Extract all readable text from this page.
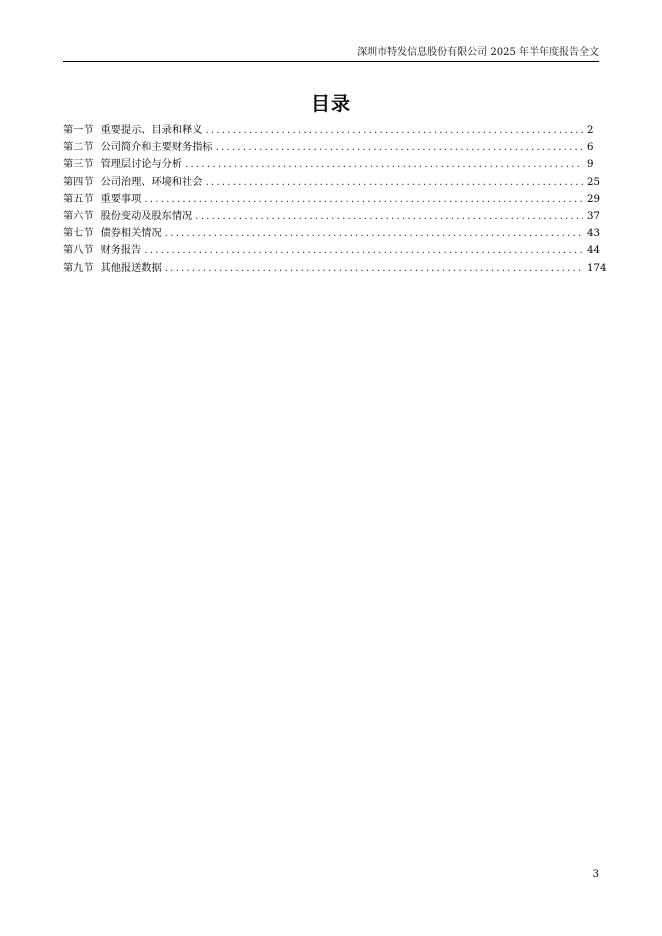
深圳市特发信息股份有限公司 2025 年半年度报告全文
目录
第一节 重要提示、目录和释义 .....	2
第二节 公司简介和主要财务指标 .....	6
第三节 管理层讨论与分析 .....	9
第四节 公司治理、环境和社会 .....	25
第五节 重要事项 .....	29
第六节 股份变动及股东情况 .....	37
第七节 债券相关情况 .....	43
第八节 财务报告 .....	44
第九节 其他报送数据 .....	174
3
